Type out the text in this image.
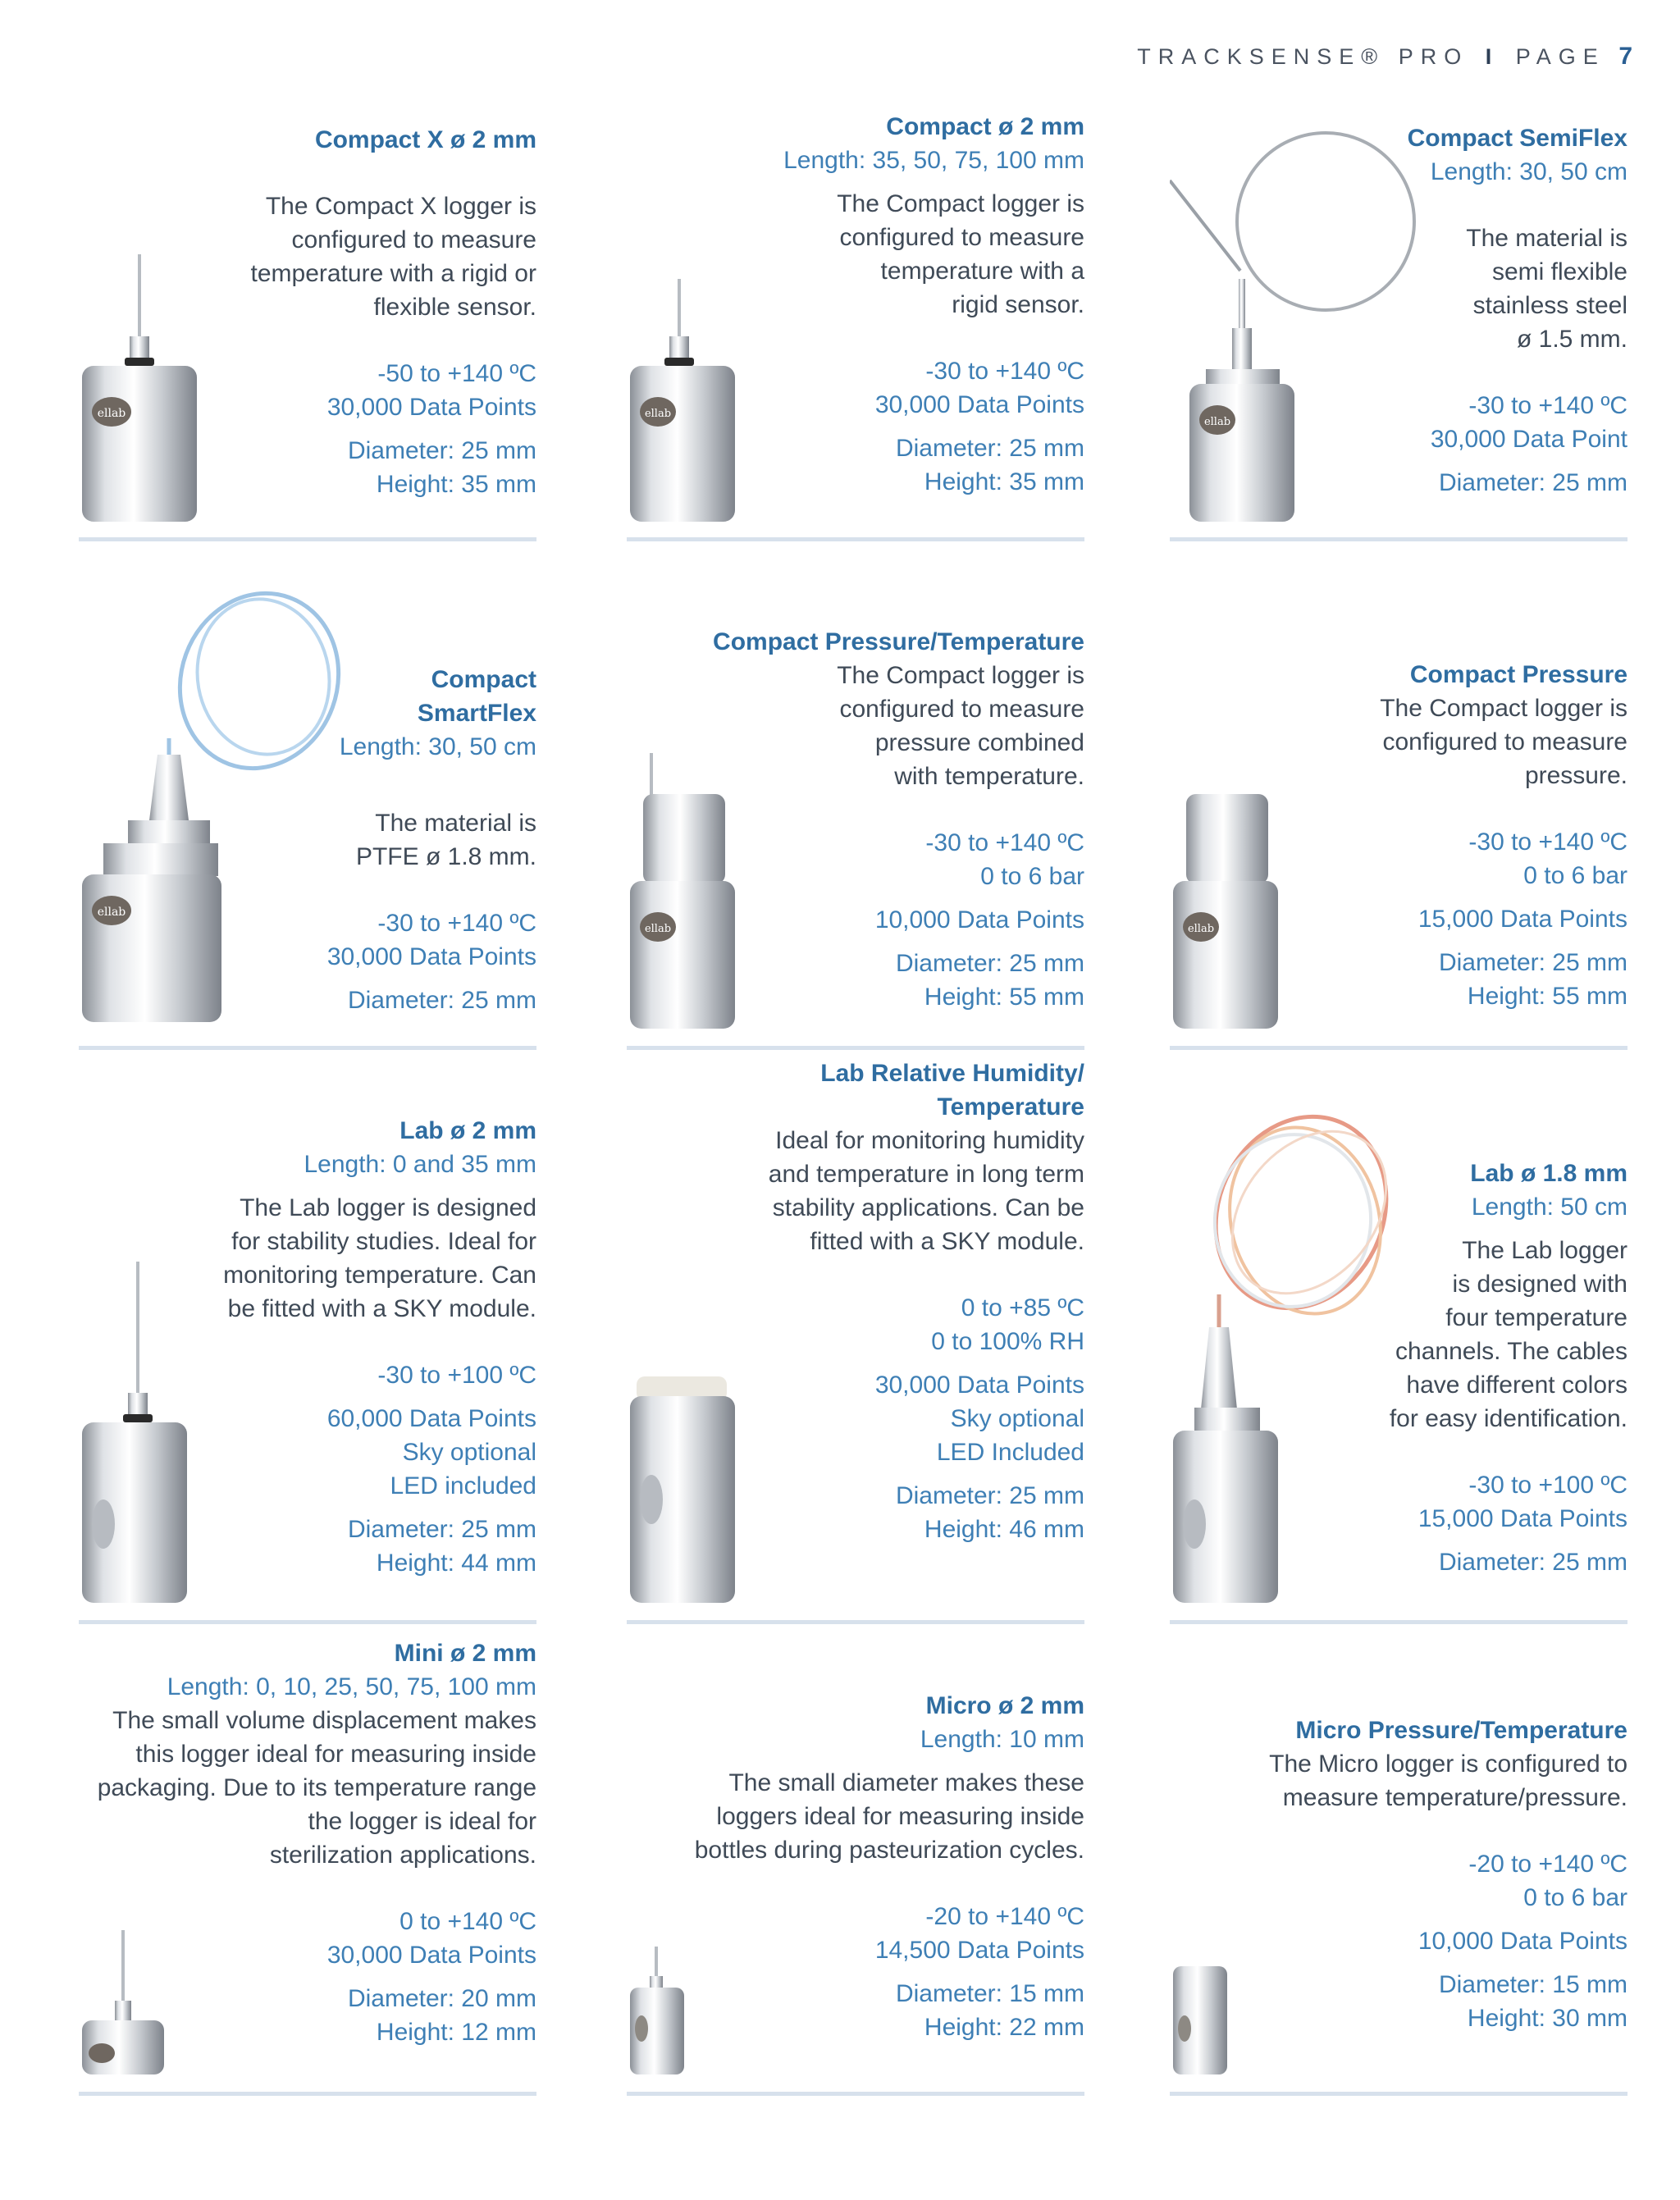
TRACKSENSE® PRO I PAGE 7
ellab
Compact X ø 2 mm
The Compact X logger is
configured to measure
temperature with a rigid or
flexible sensor.
-50 to +140 ºC
30,000 Data Points
Diameter: 25 mm
Height: 35 mm
ellab
Compact ø 2 mm
Length: 35, 50, 75, 100 mm
The Compact logger is
configured to measure
temperature with a
rigid sensor.
-30 to +140 ºC
30,000 Data Points
Diameter: 25 mm
Height: 35 mm
ellab
Compact SemiFlex
Length: 30, 50 cm
The material is
semi flexible
stainless steel
ø 1.5 mm.
-30 to +140 ºC
30,000 Data Point
Diameter: 25 mm
ellab
Compact
SmartFlex
Length: 30, 50 cm
The material is
PTFE ø 1.8 mm.
-30 to +140 ºC
30,000 Data Points
Diameter: 25 mm
ellab
Compact Pressure/Temperature
The Compact logger is
configured to measure
pressure combined
with temperature.
-30 to +140 ºC
0 to 6 bar
10,000 Data Points
Diameter: 25 mm
Height: 55 mm
ellab
Compact Pressure
The Compact logger is
configured to measure
pressure.
-30 to +140 ºC
0 to 6 bar
15,000 Data Points
Diameter: 25 mm
Height: 55 mm
Lab ø 2 mm
Length: 0 and 35 mm
The Lab logger is designed
for stability studies. Ideal for
monitoring temperature. Can
be fitted with a SKY module.
-30 to +100 ºC
60,000 Data Points
Sky optional
LED included
Diameter: 25 mm
Height: 44 mm
Lab Relative Humidity/
Temperature
Ideal for monitoring humidity
and temperature in long term
stability applications. Can be
fitted with a SKY module.
0 to +85 ºC
0 to 100% RH
30,000 Data Points
Sky optional
LED Included
Diameter: 25 mm
Height: 46 mm
Lab ø 1.8 mm
Length: 50 cm
The Lab logger
is designed with
four temperature
channels. The cables
have different colors
for easy identification.
-30 to +100 ºC
15,000 Data Points
Diameter: 25 mm
Mini ø 2 mm
Length: 0, 10, 25, 50, 75, 100 mm
The small volume displacement makes
this logger ideal for measuring inside
packaging. Due to its temperature range
the logger is ideal for
sterilization applications.
0 to +140 ºC
30,000 Data Points
Diameter: 20 mm
Height: 12 mm
Micro ø 2 mm
Length: 10 mm
The small diameter makes these
loggers ideal for measuring inside
bottles during pasteurization cycles.
-20 to +140 ºC
14,500 Data Points
Diameter: 15 mm
Height: 22 mm
Micro Pressure/Temperature
The Micro logger is configured to
measure temperature/pressure.
-20 to +140 ºC
0 to 6 bar
10,000 Data Points
Diameter: 15 mm
Height: 30 mm
